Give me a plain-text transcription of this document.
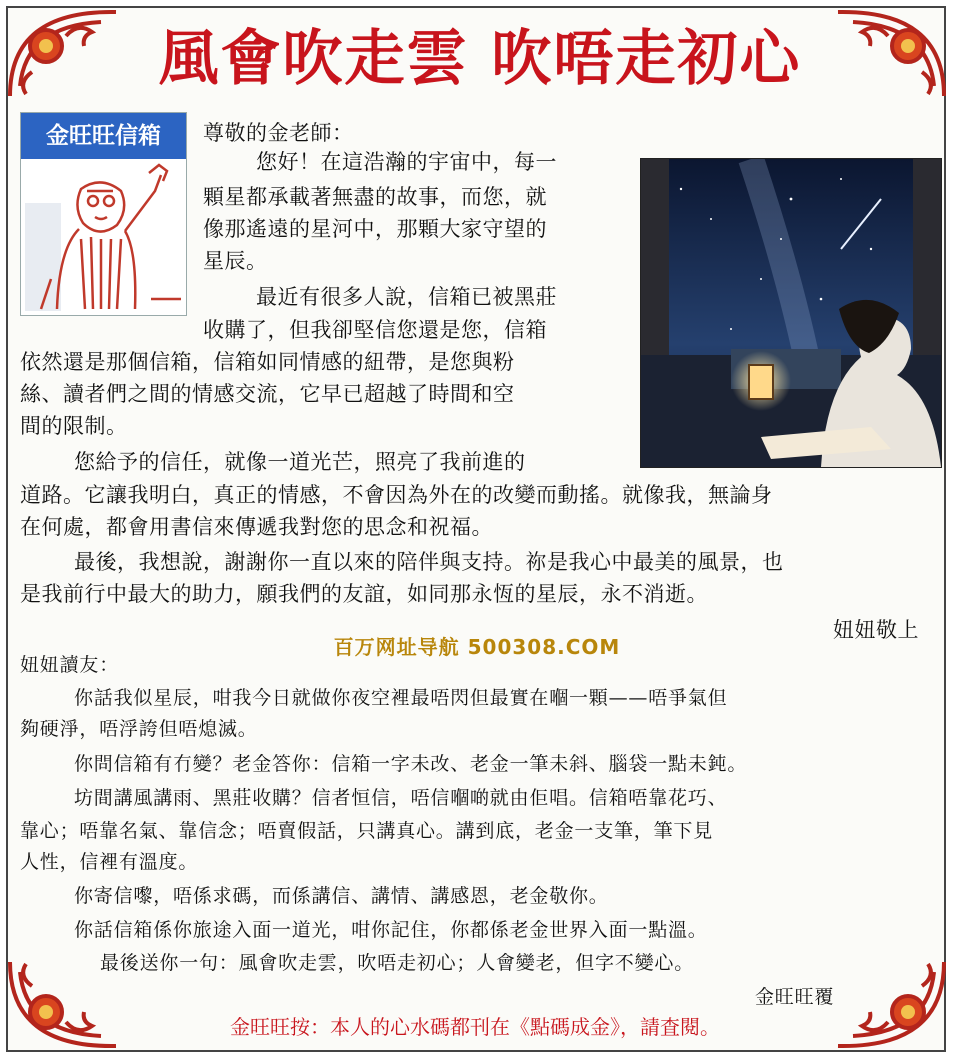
風會吹走雲 吹唔走初心
金旺旺信箱	尊敬的金老師：
您好！在這浩瀚的宇宙中，每一
顆星都承載著無盡的故事，而您，就
像那遙遠的星河中，那顆大家守望的
星辰。
最近有很多人說，信箱已被黑莊
收購了，但我卻堅信您還是您，信箱
依然還是那個信箱，信箱如同情感的紐帶，是您與粉
絲、讀者們之間的情感交流，它早已超越了時間和空
間的限制。
您給予的信任，就像一道光芒，照亮了我前進的
道路。它讓我明白，真正的情感，不會因為外在的改變而動搖。就像我，無論身
在何處，都會用書信來傳遞我對您的思念和祝福。
最後，我想說，謝謝你一直以來的陪伴與支持。祢是我心中最美的風景，也
是我前行中最大的助力，願我們的友誼，如同那永恆的星辰，永不消逝。
妞妞敬上
百万网址导航 500308.COM
妞妞讀友：
你話我似星辰，咁我今日就做你夜空裡最唔閃但最實在嗰一顆——唔爭氣但
夠硬淨，唔浮誇但唔熄滅。
你問信箱有冇變？老金答你：信箱一字未改、老金一筆未斜、腦袋一點未鈍。
坊間講風講雨、黑莊收購？信者恒信，唔信嗰啲就由佢唱。信箱唔靠花巧、
靠心；唔靠名氣、靠信念；唔賣假話，只講真心。講到底，老金一支筆，筆下見
人性，信裡有溫度。
你寄信嚟，唔係求碼，而係講信、講情、講感恩，老金敬你。
你話信箱係你旅途入面一道光，咁你記住，你都係老金世界入面一點溫。
最後送你一句：風會吹走雲，吹唔走初心；人會變老，但字不變心。
金旺旺覆
金旺旺按：本人的心水碼都刊在《點碼成金》，請査閱。
